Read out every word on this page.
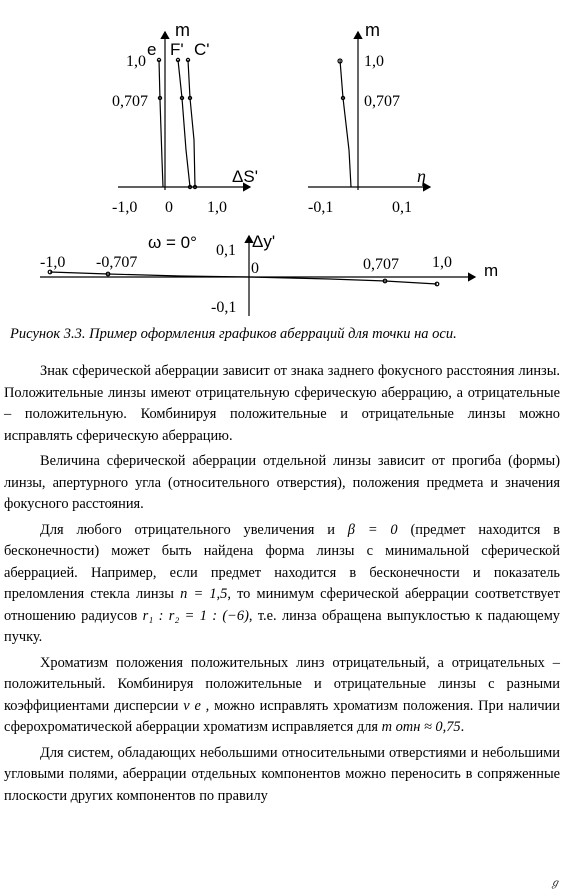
m
e F' C'
1,0
0,707
ΔS'
-1,0 0 1,0
m
1,0
0,707
η
-0,1	0,1
ω = 0° 0,1 Δy'
0
-1,0 -0,707	0,707 1,0 m
-0,1
Рисунок 3.3. Пример оформления графиков аберраций для точки на оси.

Знак сферической аберрации зависит от знака заднего фокусного расстояния линзы. Положительные линзы имеют отрицательную сферическую аберрацию, а отрицательные – положительную. Комбинируя положительные и отрицательные линзы можно исправлять сферическую аберрацию.

Величина сферической аберрации отдельной линзы зависит от прогиба (формы) линзы, апертурного угла (относительного отверстия), положения предмета и значения фокусного расстояния.

Для любого отрицательного увеличения и β = 0 (предмет находится в бесконечности) может быть найдена форма линзы с минимальной сферической аберрацией. Например, если предмет находится в бесконечности и показатель преломления стекла линзы n = 1,5, то минимум сферической аберрации соответствует отношению радиусов r₁ : r₂ = 1 : (−6), т.е. линза обращена выпуклостью к падающему пучку.

Хроматизм положения положительных линз отрицательный, а отрицательных – положительный. Комбинируя положительные и отрицательные линзы с разными коэффициентами дисперсии ν e , можно исправлять хроматизм положения. При наличии сферохроматической аберрации хроматизм исправляется для m отн ≈ 0,75.

Для систем, обладающих небольшими относительными отверстиями и небольшими угловыми полями, аберрации отдельных компонентов можно переносить в сопряженные плоскости других компонентов по правилу

ℊ
